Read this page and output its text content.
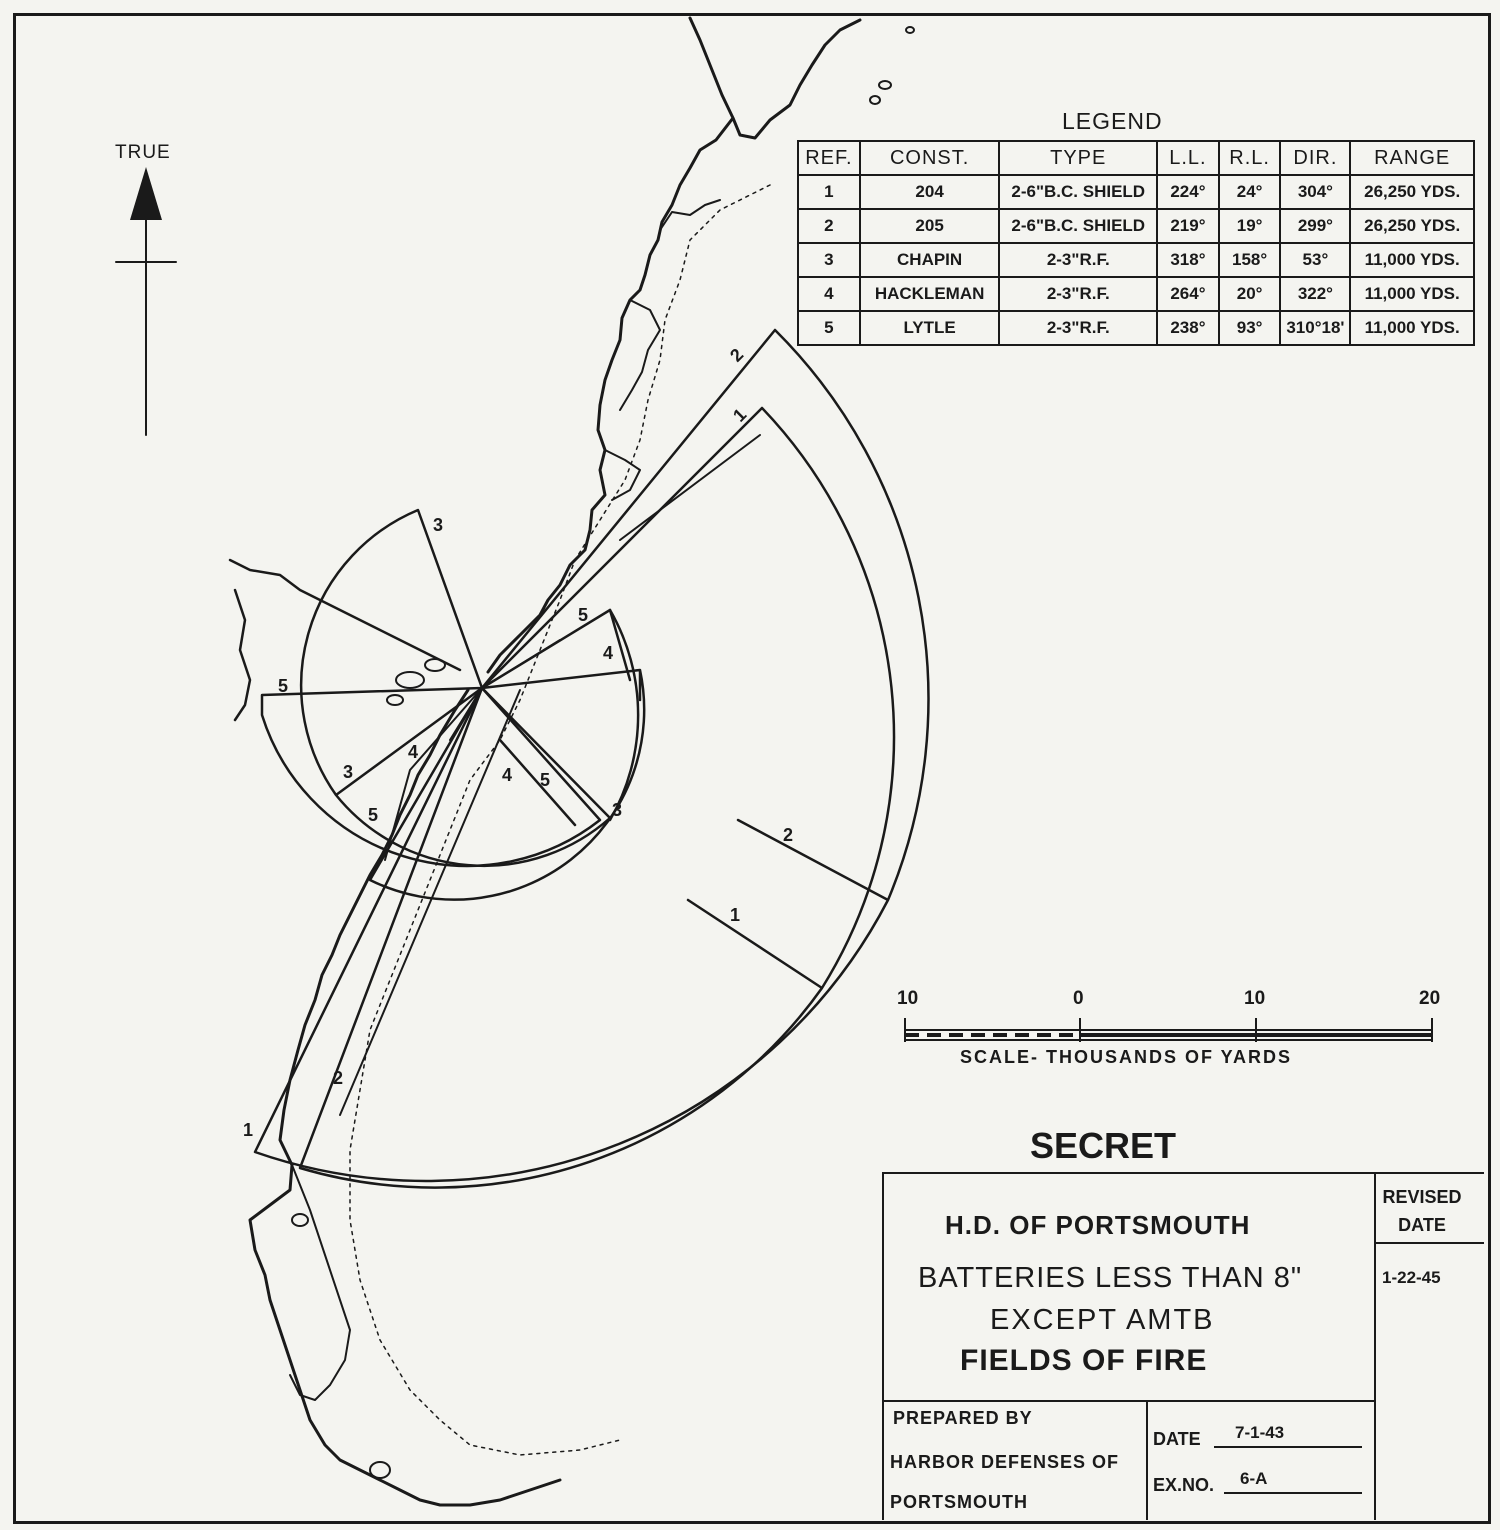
TRUE
LEGEND
REF.	CONST.	TYPE	L.L.	R.L.	DIR.	RANGE
1	204	2-6"B.C. SHIELD	224°	24°	304°	26,250 YDS.
2	205	2-6"B.C. SHIELD	219°	19°	299°	26,250 YDS.
3	CHAPIN	2-3"R.F.	318°	158°	53°	11,000 YDS.
4	HACKLEMAN	2-3"R.F.	264°	20°	322°	11,000 YDS.
5	LYTLE	2-3"R.F.	238°	93°	310°18'	11,000 YDS.
2
1
3
5
4
5
4
3
5
4 5
3
2
1
2
1
10	0	10	20
SCALE- THOUSANDS OF YARDS
SECRET
H.D. OF PORTSMOUTH
BATTERIES LESS THAN 8"
EXCEPT AMTB
FIELDS OF FIRE
REVISED DATE
1-22-45
PREPARED BY
HARBOR DEFENSES OF
PORTSMOUTH
DATE 7-1-43
EX.NO. 6-A
